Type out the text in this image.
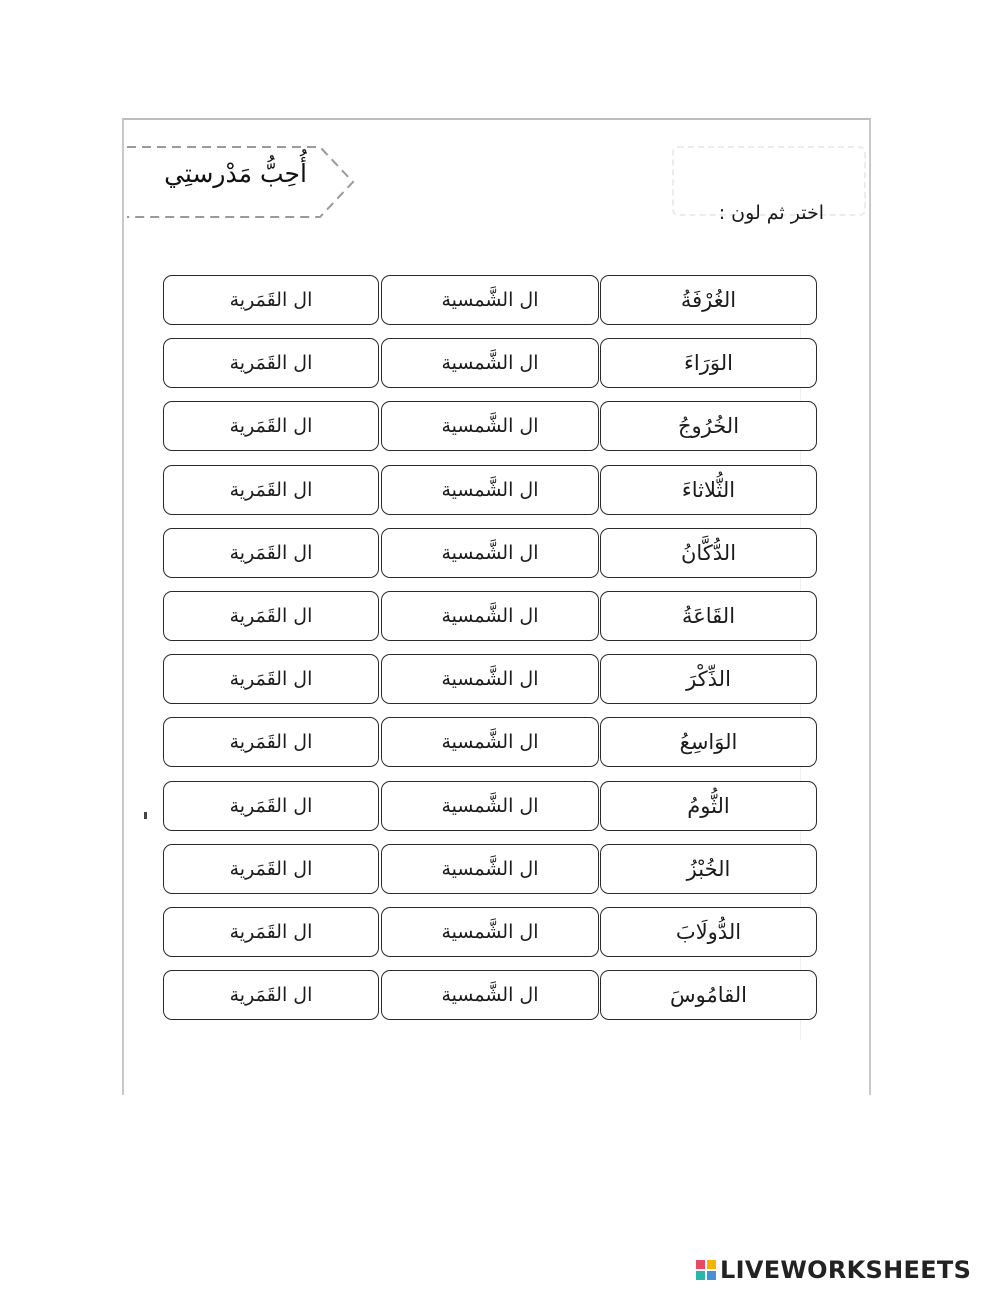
أُحِبُّ مَدْرستِي
اختر ثم لون :
ال القَمَرية	ال الشَّمسية	الغُرْفَةُ
ال القَمَرية	ال الشَّمسية	الوَرَاءَ
ال القَمَرية	ال الشَّمسية	الخُرُوجُ
ال القَمَرية	ال الشَّمسية	الثُّلاثاءَ
ال القَمَرية	ال الشَّمسية	الدُّكَّانُ
ال القَمَرية	ال الشَّمسية	القَاعَةُ
ال القَمَرية	ال الشَّمسية	الذِّكْرَ
ال القَمَرية	ال الشَّمسية	الوَاسِعُ
ال القَمَرية	ال الشَّمسية	الثُّومُ
ال القَمَرية	ال الشَّمسية	الخُبْزُ
ال القَمَرية	ال الشَّمسية	الدُّولَابَ
ال القَمَرية	ال الشَّمسية	القامُوسَ
LIVEWORKSHEETS
